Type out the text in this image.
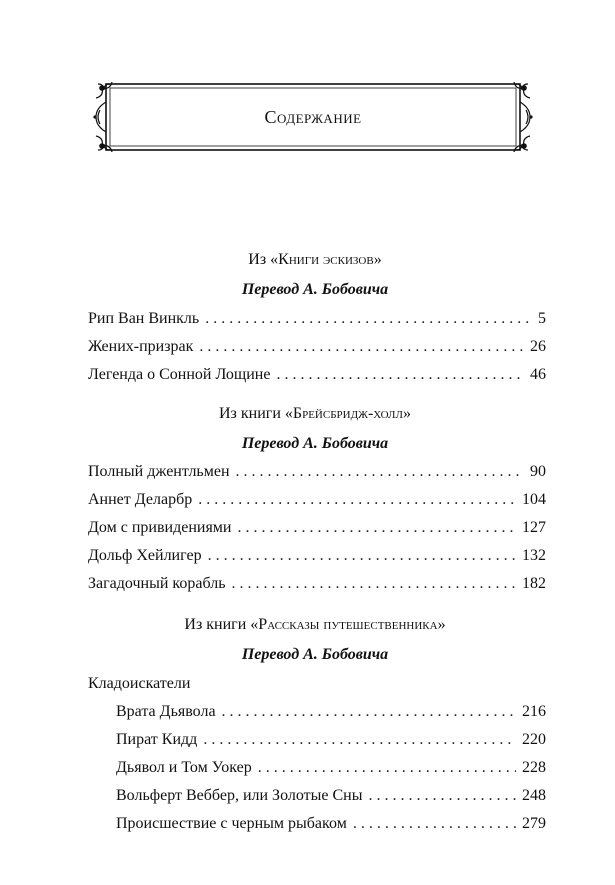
Содержание

Из «Книги эскизов»

Перевод А. Бобовича

Рип Ван Винкль . . .	5
Жених-призрак . . .	26
Легенда о Сонной Лощине . . .	46

Из книги «Брейсбридж-холл»

Перевод А. Бобовича

Полный джентльмен . . .	90
Аннет Деларбр . . .	104
Дом с привидениями . . .	127
Дольф Хейлигер . . .	132
Загадочный корабль . . .	182

Из книги «Рассказы путешественника»

Перевод А. Бобовича

Кладоискатели

Врата Дьявола . . .	216
Пират Кидд . . .	220
Дьявол и Том Уокер . . .	228
Вольферт Веббер, или Золотые Сны . . .	248
Происшествие с черным рыбаком . . .	279
